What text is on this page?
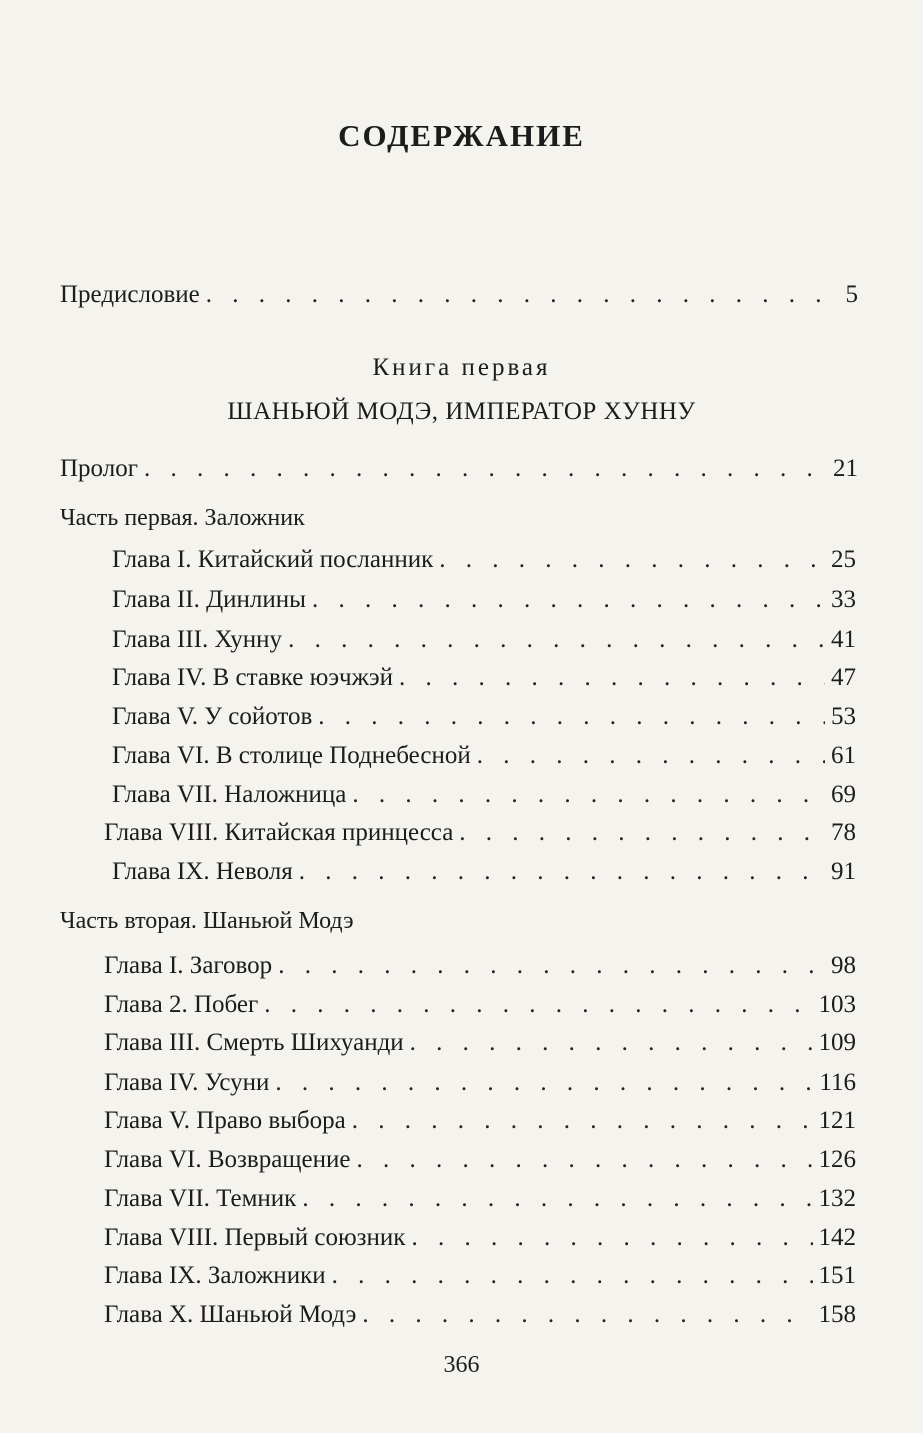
СОДЕРЖАНИЕ
Предисловие . . .	5
Книга первая
ШАНЬЮЙ МОДЭ, ИМПЕРАТОР ХУННУ
Пролог . . .	21
Часть первая. Заложник
Глава I. Китайский посланник . . .	25
Глава II. Динлины . . .	33
Глава III. Хунну . . .	41
Глава IV. В ставке юэчжэй . . .	47
Глава V. У сойотов . . .	53
Глава VI. В столице Поднебесной . . .	61
Глава VII. Наложница . . .	69
Глава VIII. Китайская принцесса . . .	78
Глава IX. Неволя . . .	91
Часть вторая. Шаньюй Модэ
Глава I. Заговор . . .	98
Глава 2. Побег . . .	103
Глава III. Смерть Шихуанди . . .	109
Глава IV. Усуни . . .	116
Глава V. Право выбора . . .	121
Глава VI. Возвращение . . .	126
Глава VII. Темник . . .	132
Глава VIII. Первый союзник . . .	142
Глава IX. Заложники . . .	151
Глава X. Шаньюй Модэ . . .	158
366
